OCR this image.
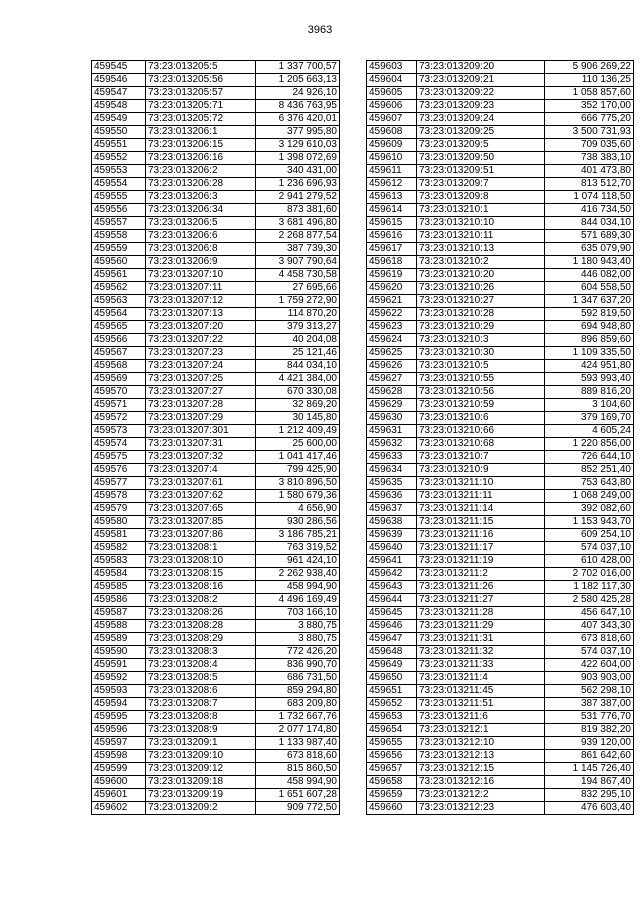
3963
459545	73:23:013205:5	1 337 700,57
459546	73:23:013205:56	1 205 663,13
459547	73:23:013205:57	24 926,10
459548	73:23:013205:71	8 436 763,95
459549	73:23:013205:72	6 376 420,01
459550	73:23:013206:1	377 995,80
459551	73:23:013206:15	3 129 610,03
459552	73:23:013206:16	1 398 072,69
459553	73:23:013206:2	340 431,00
459554	73:23:013206:28	1 236 696,93
459555	73:23:013206:3	2 941 279,52
459556	73:23:013206:34	873 381,60
459557	73:23:013206:5	3 681 496,80
459558	73:23:013206:6	2 268 877,54
459559	73:23:013206:8	387 739,30
459560	73:23:013206:9	3 907 790,64
459561	73:23:013207:10	4 458 730,58
459562	73:23:013207:11	27 695,66
459563	73:23:013207:12	1 759 272,90
459564	73:23:013207:13	114 870,20
459565	73:23:013207:20	379 313,27
459566	73:23:013207:22	40 204,08
459567	73:23:013207:23	25 121,46
459568	73:23:013207:24	844 034,10
459569	73:23:013207:25	4 421 384,00
459570	73:23:013207:27	670 330,08
459571	73:23:013207:28	32 869,20
459572	73:23:013207:29	30 145,80
459573	73:23:013207:301	1 212 409,49
459574	73:23:013207:31	25 600,00
459575	73:23:013207:32	1 041 417,46
459576	73:23:013207:4	799 425,90
459577	73:23:013207:61	3 810 896,50
459578	73:23:013207:62	1 580 679,36
459579	73:23:013207:65	4 656,90
459580	73:23:013207:85	930 286,56
459581	73:23:013207:86	3 186 785,21
459582	73:23:013208:1	763 319,52
459583	73:23:013208:10	961 424,10
459584	73:23:013208:15	2 262 938,40
459585	73:23:013208:16	458 994,90
459586	73:23:013208:2	4 496 169,49
459587	73:23:013208:26	703 166,10
459588	73:23:013208:28	3 880,75
459589	73:23:013208:29	3 880,75
459590	73:23:013208:3	772 426,20
459591	73:23:013208:4	836 990,70
459592	73:23:013208:5	686 731,50
459593	73:23:013208:6	859 294,80
459594	73:23:013208:7	683 209,80
459595	73:23:013208:8	1 732 667,76
459596	73:23:013208:9	2 077 174,80
459597	73:23:013209:1	1 133 987,40
459598	73:23:013209:10	673 818,60
459599	73:23:013209:12	815 860,50
459600	73:23:013209:18	458 994,90
459601	73:23:013209:19	1 651 607,28
459602	73:23:013209:2	909 772,50
459603	73:23:013209:20	5 906 269,22
459604	73:23:013209:21	110 136,25
459605	73:23:013209:22	1 058 857,60
459606	73:23:013209:23	352 170,00
459607	73:23:013209:24	666 775,20
459608	73:23:013209:25	3 500 731,93
459609	73:23:013209:5	709 035,60
459610	73:23:013209:50	738 383,10
459611	73:23:013209:51	401 473,80
459612	73:23:013209:7	813 512,70
459613	73:23:013209:8	1 074 118,50
459614	73:23:013210:1	416 734,50
459615	73:23:013210:10	844 034,10
459616	73:23:013210:11	571 689,30
459617	73:23:013210:13	635 079,90
459618	73:23:013210:2	1 180 943,40
459619	73:23:013210:20	446 082,00
459620	73:23:013210:26	604 558,50
459621	73:23:013210:27	1 347 637,20
459622	73:23:013210:28	592 819,50
459623	73:23:013210:29	694 948,80
459624	73:23:013210:3	896 859,60
459625	73:23:013210:30	1 109 335,50
459626	73:23:013210:5	424 951,80
459627	73:23:013210:55	593 993,40
459628	73:23:013210:56	889 816,20
459629	73:23:013210:59	3 104,60
459630	73:23:013210:6	379 169,70
459631	73:23:013210:66	4 605,24
459632	73:23:013210:68	1 220 856,00
459633	73:23:013210:7	726 644,10
459634	73:23:013210:9	852 251,40
459635	73:23:013211:10	753 643,80
459636	73:23:013211:11	1 068 249,00
459637	73:23:013211:14	392 082,60
459638	73:23:013211:15	1 153 943,70
459639	73:23:013211:16	609 254,10
459640	73:23:013211:17	574 037,10
459641	73:23:013211:19	610 428,00
459642	73:23:013211:2	2 702 016,00
459643	73:23:013211:26	1 182 117,30
459644	73:23:013211:27	2 580 425,28
459645	73:23:013211:28	456 647,10
459646	73:23:013211:29	407 343,30
459647	73:23:013211:31	673 818,60
459648	73:23:013211:32	574 037,10
459649	73:23:013211:33	422 604,00
459650	73:23:013211:4	903 903,00
459651	73:23:013211:45	562 298,10
459652	73:23:013211:51	387 387,00
459653	73:23:013211:6	531 776,70
459654	73:23:013212:1	819 382,20
459655	73:23:013212:10	939 120,00
459656	73:23:013212:13	861 642,60
459657	73:23:013212:15	1 145 726,40
459658	73:23:013212:16	194 867,40
459659	73:23:013212:2	832 295,10
459660	73:23:013212:23	476 603,40
